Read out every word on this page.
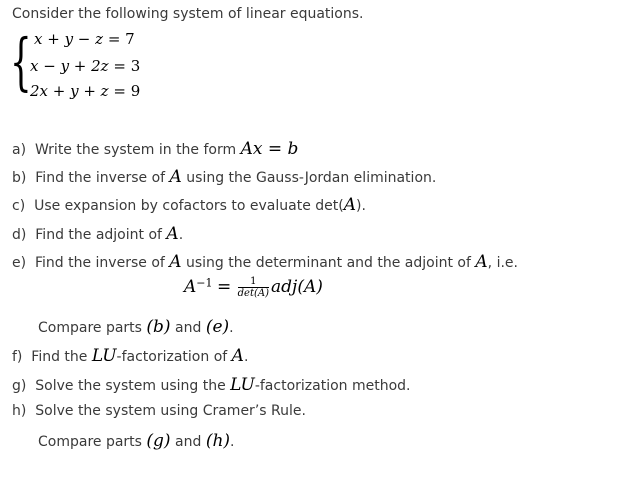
Consider the following system of linear equations.
{ x + y − z = 7
x − y + 2z = 3
2x + y + z = 9
a) Write the system in the form Ax = b
b) Find the inverse of A using the Gauss-Jordan elimination.
c) Use expansion by cofactors to evaluate det(A).
d) Find the adjoint of A.
e) Find the inverse of A using the determinant and the adjoint of A, i.e.
$A^{-1} = \frac{1}{\det(A)} adj(A)$
Compare parts (b) and (e).
f) Find the LU-factorization of A.
g) Solve the system using the LU-factorization method.
h) Solve the system using Cramer’s Rule.
Compare parts (g) and (h).
